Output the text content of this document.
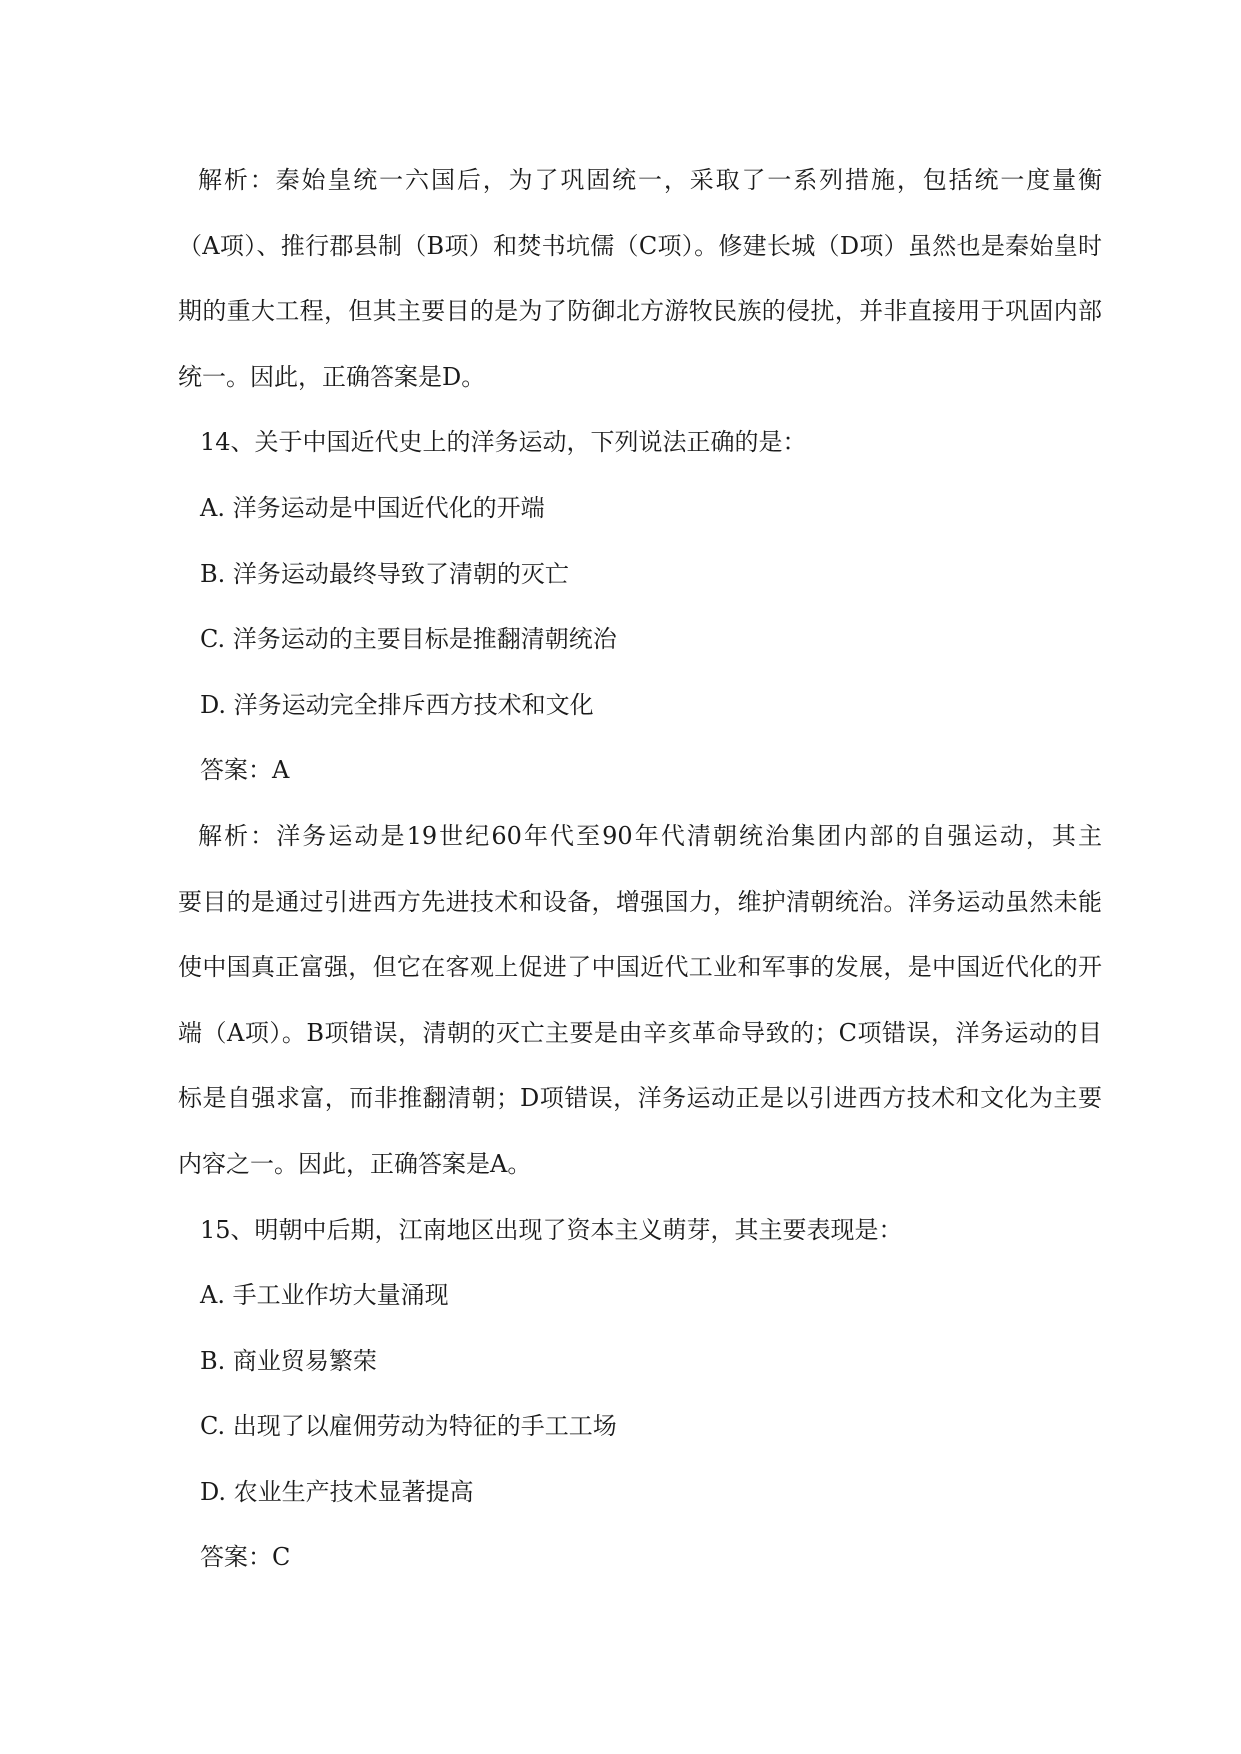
解析：秦始皇统一六国后，为了巩固统一，采取了一系列措施，包括统一度量衡
（A项）、推行郡县制（B项）和焚书坑儒（C项）。修建长城（D项）虽然也是秦始皇时
期的重大工程，但其主要目的是为了防御北方游牧民族的侵扰，并非直接用于巩固内部
统一。因此，正确答案是D。
14、关于中国近代史上的洋务运动，下列说法正确的是：
A. 洋务运动是中国近代化的开端
B. 洋务运动最终导致了清朝的灭亡
C. 洋务运动的主要目标是推翻清朝统治
D. 洋务运动完全排斥西方技术和文化
答案：A
解析：洋务运动是19世纪60年代至90年代清朝统治集团内部的自强运动，其主
要目的是通过引进西方先进技术和设备，增强国力，维护清朝统治。洋务运动虽然未能
使中国真正富强，但它在客观上促进了中国近代工业和军事的发展，是中国近代化的开
端（A项）。B项错误，清朝的灭亡主要是由辛亥革命导致的；C项错误，洋务运动的目
标是自强求富，而非推翻清朝；D项错误，洋务运动正是以引进西方技术和文化为主要
内容之一。因此，正确答案是A。
15、明朝中后期，江南地区出现了资本主义萌芽，其主要表现是：
A. 手工业作坊大量涌现
B. 商业贸易繁荣
C. 出现了以雇佣劳动为特征的手工工场
D. 农业生产技术显著提高
答案：C
